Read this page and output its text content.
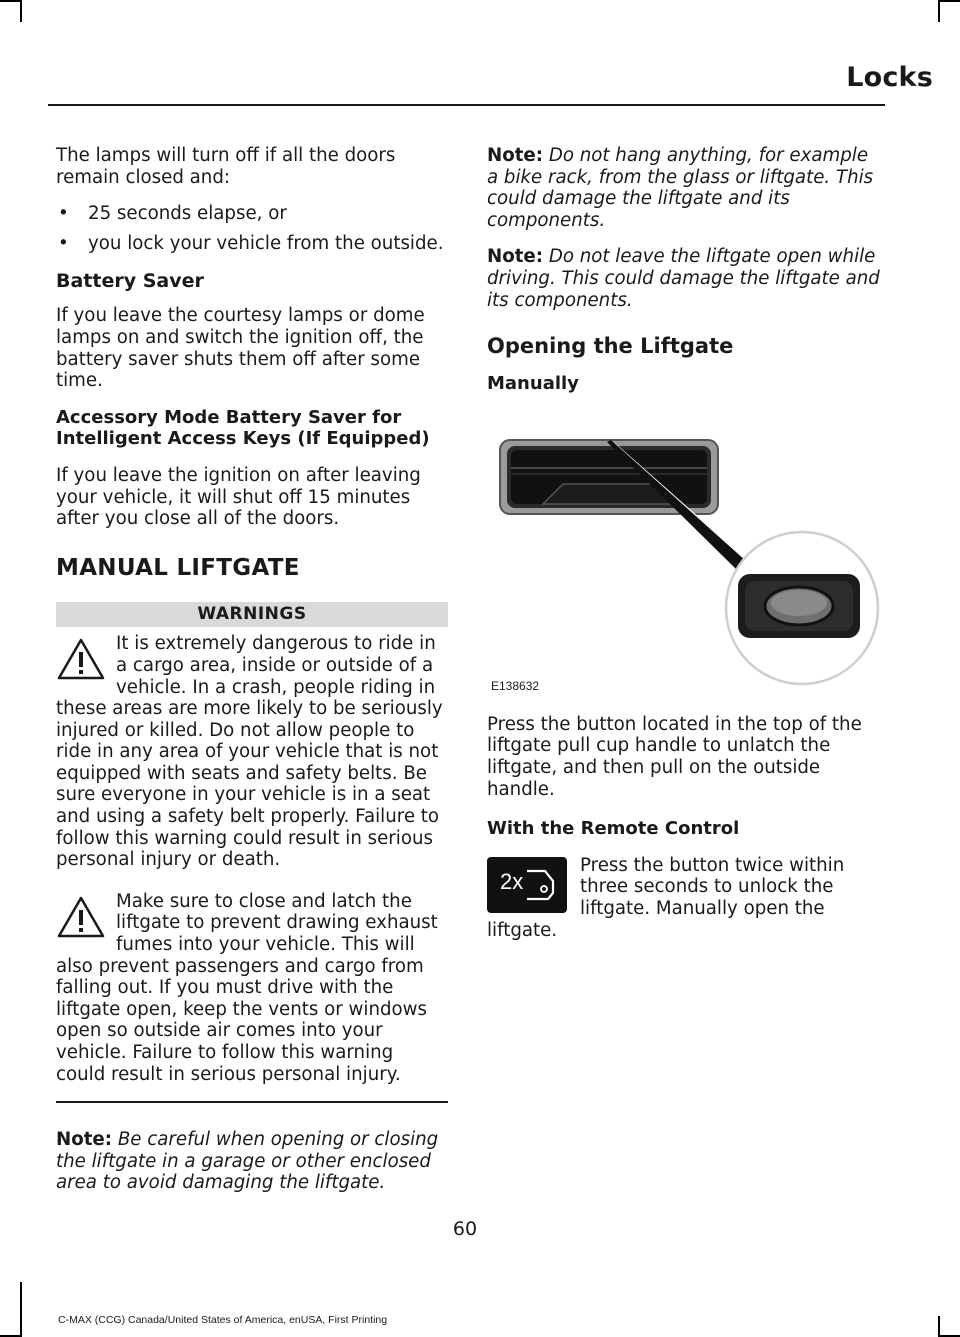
Locks

The lamps will turn off if all the doors remain closed and:

• 25 seconds elapse, or
• you lock your vehicle from the outside.
Battery Saver

If you leave the courtesy lamps or dome lamps on and switch the ignition off, the battery saver shuts them off after some time.

Accessory Mode Battery Saver for Intelligent Access Keys (If Equipped)

If you leave the ignition on after leaving your vehicle, it will shut off 15 minutes after you close all of the doors.

MANUAL LIFTGATE
WARNINGS
It is extremely dangerous to ride in a cargo area, inside or outside of a vehicle. In a crash, people riding in these areas are more likely to be seriously injured or killed. Do not allow people to ride in any area of your vehicle that is not equipped with seats and safety belts. Be sure everyone in your vehicle is in a seat and using a safety belt properly. Failure to follow this warning could result in serious personal injury or death.
Make sure to close and latch the liftgate to prevent drawing exhaust fumes into your vehicle. This will also prevent passengers and cargo from falling out. If you must drive with the liftgate open, keep the vents or windows open so outside air comes into your vehicle. Failure to follow this warning could result in serious personal injury.

Note: Be careful when opening or closing the liftgate in a garage or other enclosed area to avoid damaging the liftgate.

Note: Do not hang anything, for example a bike rack, from the glass or liftgate. This could damage the liftgate and its components.

Note: Do not leave the liftgate open while driving. This could damage the liftgate and its components.

Opening the Liftgate
Manually
E138632

Press the button located in the top of the liftgate pull cup handle to unlatch the liftgate, and then pull on the outside handle.

With the Remote Control
2x
Press the button twice within three seconds to unlock the liftgate. Manually open the liftgate.
60
C-MAX (CCG) Canada/United States of America, enUSA, First Printing
